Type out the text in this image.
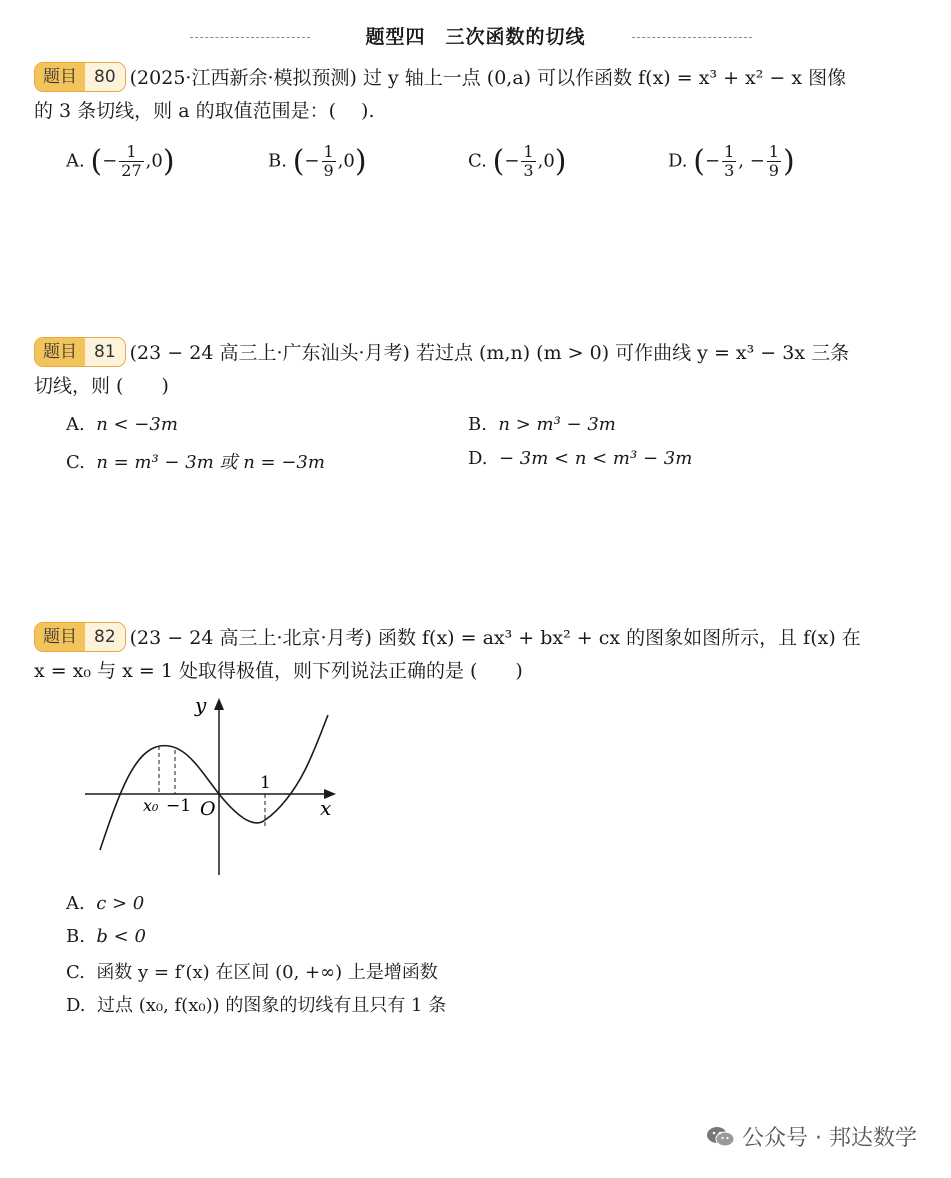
题型四　三次函数的切线
题目	80 (2025·江西新余·模拟预测) 过 y 轴上一点 (0,a) 可以作函数 f(x) = x³ + x² − x 图像
的 3 条切线，则 a 的取值范围是：(　 ).
A. (− $\frac{1}{27} ,0$)	B. (− $\frac{1}{9} ,0$)	C. (− $\frac{1}{3} ,0$)	D. (− $\frac{1}{3}$ , − $\frac{1}{9}$ )
题目	81 (23 − 24 高三上·广东汕头·月考) 若过点 (m,n) (m > 0) 可作曲线 y = x³ − 3x 三条
切线，则 (　　)
A. n < −3m	B. n > m³ − 3m
C. n = m³ − 3m 或 n = −3m	D. − 3m < n < m³ − 3m
题目	82 (23 − 24 高三上·北京·月考) 函数 f(x) = ax³ + bx² + cx 的图象如图所示，且 f(x) 在
x = x₀ 与 x = 1 处取得极值，则下列说法正确的是 (　　)
y
x
O
1
x₀ −1
A. c > 0
B. b < 0
C. 函数 y = f′(x) 在区间 (0, +∞) 上是增函数
D. 过点 (x₀, f(x₀)) 的图象的切线有且只有 1 条
公众号 · 邦达数学
